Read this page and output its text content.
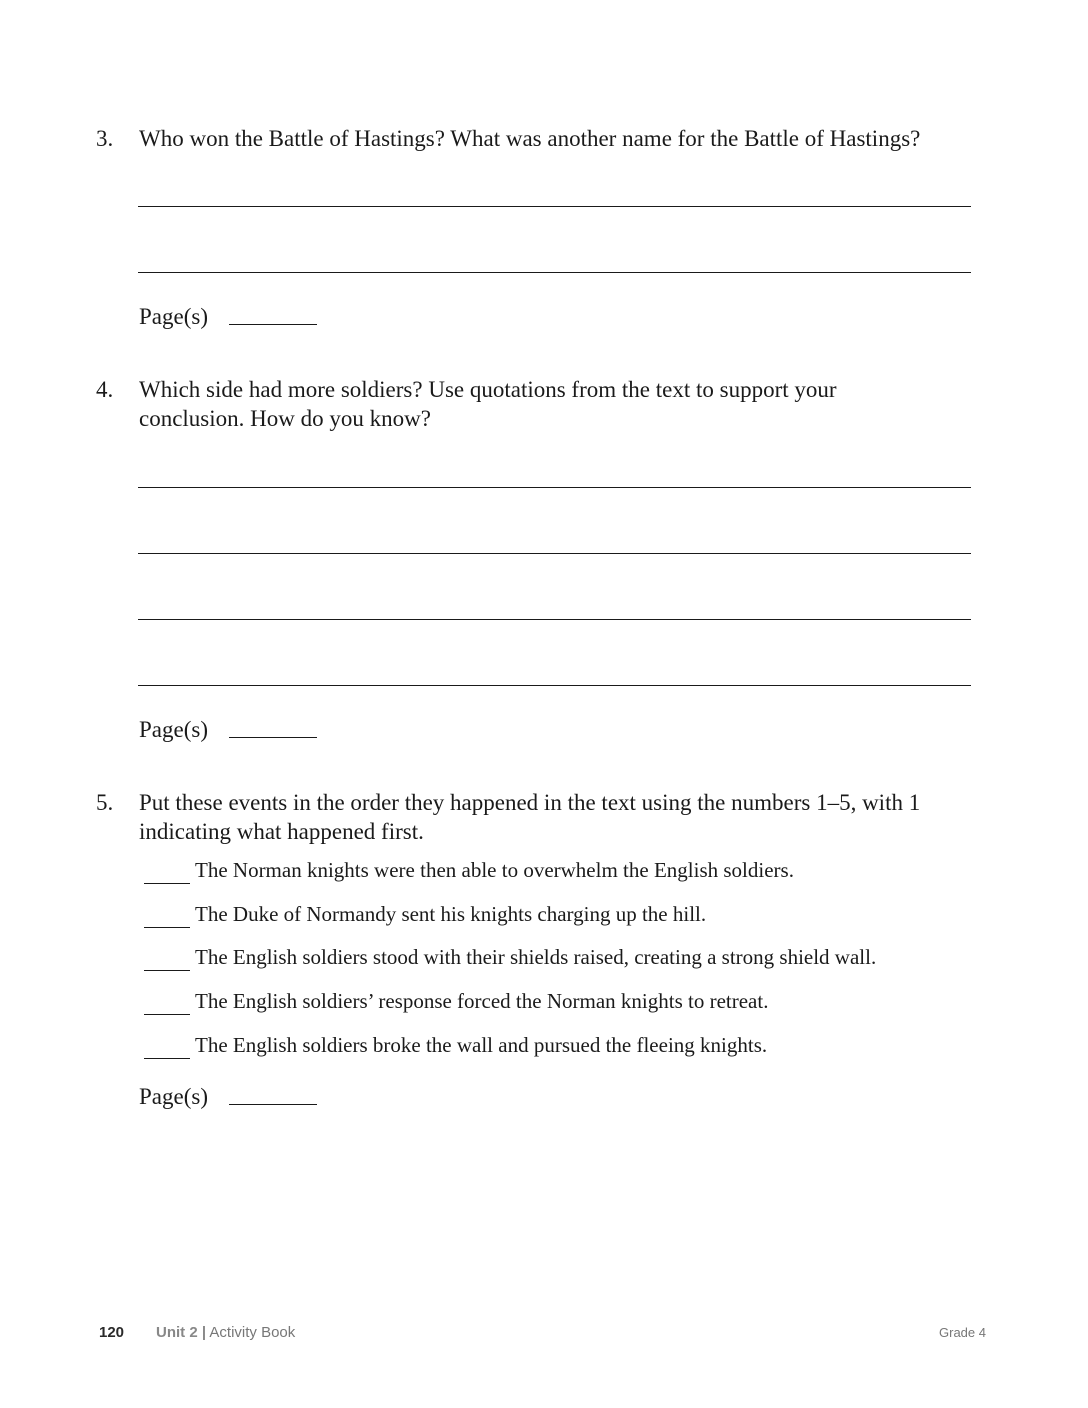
3. Who won the Battle of Hastings? What was another name for the Battle of Hastings?
Page(s)
4. Which side had more soldiers? Use quotations from the text to support your
conclusion. How do you know?
Page(s)
5. Put these events in the order they happened in the text using the numbers 1–5, with 1
indicating what happened first.
The Norman knights were then able to overwhelm the English soldiers.
The Duke of Normandy sent his knights charging up the hill.
The English soldiers stood with their shields raised, creating a strong shield wall.
The English soldiers’ response forced the Norman knights to retreat.
The English soldiers broke the wall and pursued the fleeing knights.
Page(s)
120 Unit 2 | Activity Book	Grade 4
